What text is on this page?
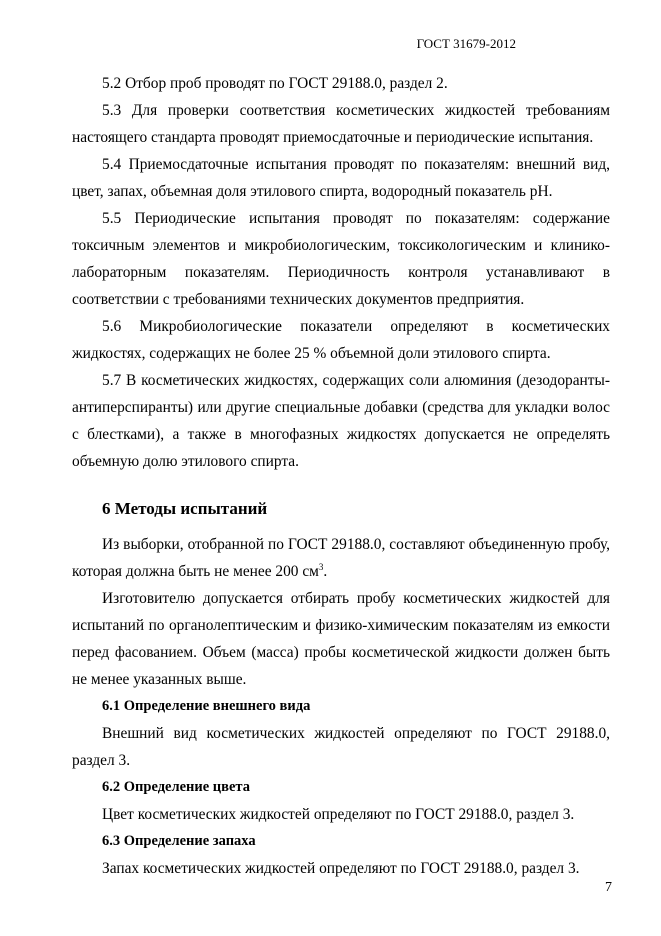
ГОСТ 31679-2012

5.2 Отбор проб проводят по ГОСТ 29188.0, раздел 2.

5.3 Для проверки соответствия косметических жидкостей требованиям настоящего стандарта проводят приемосдаточные и периодические испытания.

5.4 Приемосдаточные испытания проводят по показателям: внешний вид, цвет, запах, объемная доля этилового спирта, водородный показатель pH.

5.5 Периодические испытания проводят по показателям: содержание токсичным элементов и микробиологическим, токсикологическим и клинико-лабораторным показателям. Периодичность контроля устанавливают в соответствии с требованиями технических документов предприятия.

5.6 Микробиологические показатели определяют в косметических жидкостях, содержащих не более 25 % объемной доли этилового спирта.

5.7 В косметических жидкостях, содержащих соли алюминия (дезодоранты-антиперспиранты) или другие специальные добавки (средства для укладки волос с блестками), а также в многофазных жидкостях допускается не определять объемную долю этилового спирта.

6 Методы испытаний

Из выборки, отобранной по ГОСТ 29188.0, составляют объединенную пробу, которая должна быть не менее 200 $см^3$.

Изготовителю допускается отбирать пробу косметических жидкостей для испытаний по органолептическим и физико-химическим показателям из емкости перед фасованием. Объем (масса) пробы косметической жидкости должен быть не менее указанных выше.

6.1 Определение внешнего вида

Внешний вид косметических жидкостей определяют по ГОСТ 29188.0, раздел 3.

6.2 Определение цвета

Цвет косметических жидкостей определяют по ГОСТ 29188.0, раздел 3.

6.3 Определение запаха

Запах косметических жидкостей определяют по ГОСТ 29188.0, раздел 3.

7
